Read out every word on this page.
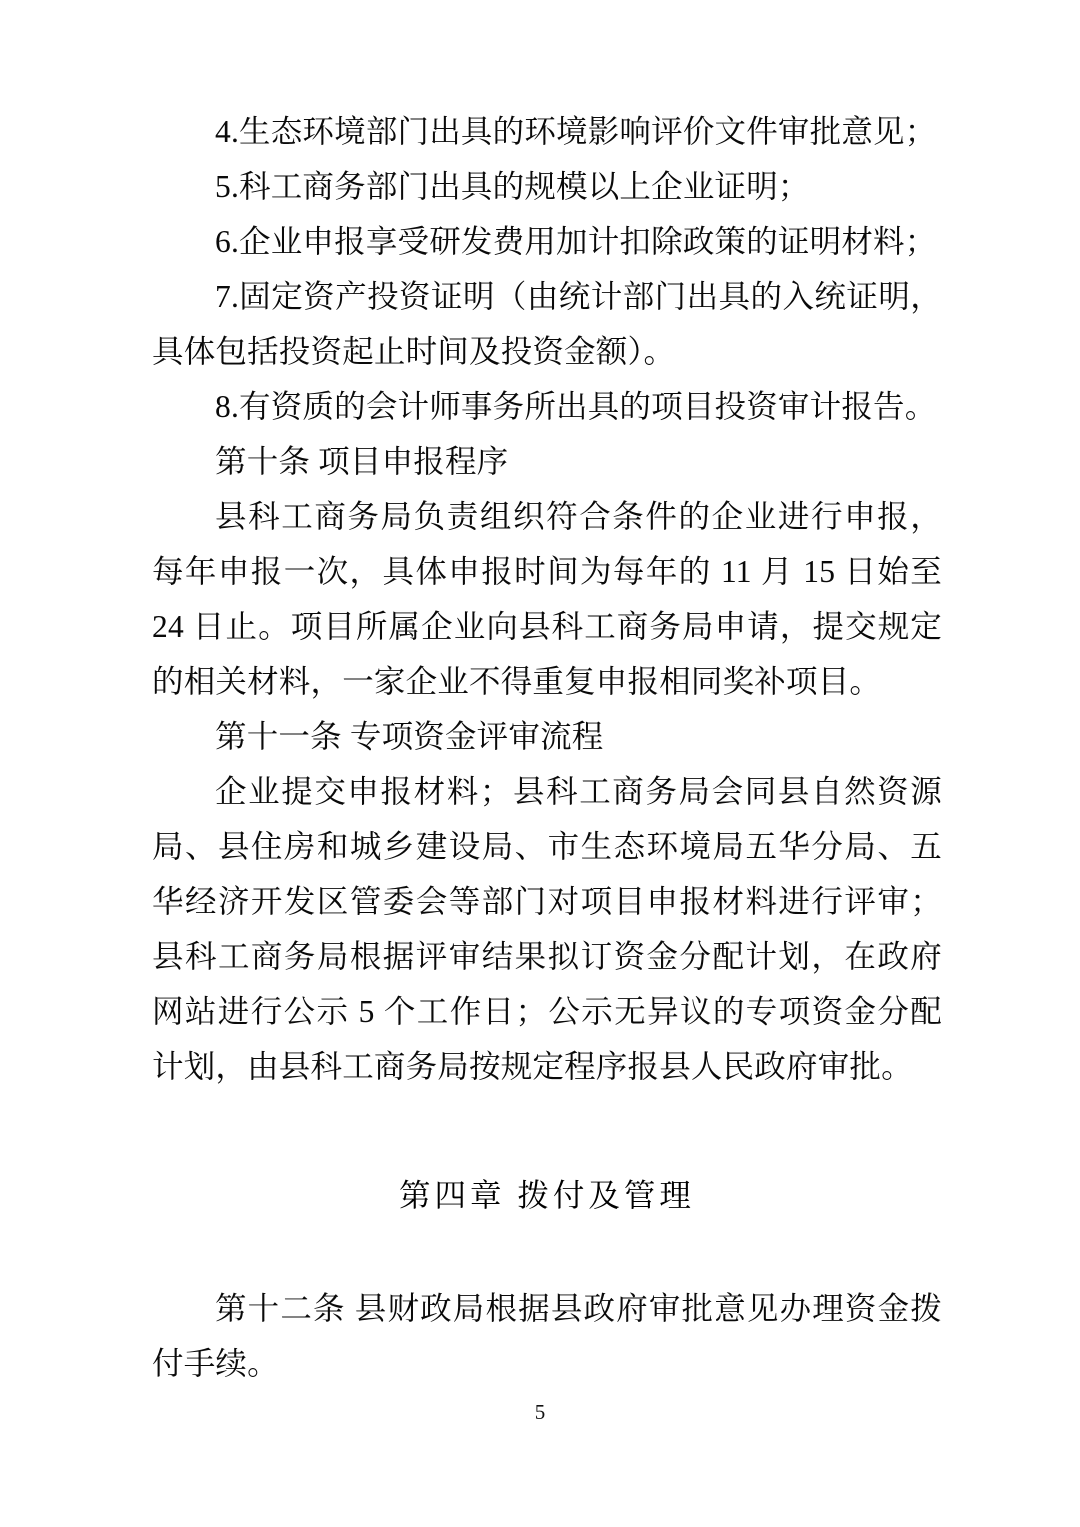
4.生态环境部门出具的环境影响评价文件审批意见；

5.科工商务部门出具的规模以上企业证明；

6.企业申报享受研发费用加计扣除政策的证明材料；

7.固定资产投资证明（由统计部门出具的入统证明，具体包括投资起止时间及投资金额）。

8.有资质的会计师事务所出具的项目投资审计报告。

第十条 项目申报程序

县科工商务局负责组织符合条件的企业进行申报，每年申报一次，具体申报时间为每年的 11 月 15 日始至 24 日止。项目所属企业向县科工商务局申请，提交规定的相关材料，一家企业不得重复申报相同奖补项目。

第十一条 专项资金评审流程

企业提交申报材料；县科工商务局会同县自然资源局、县住房和城乡建设局、市生态环境局五华分局、五华经济开发区管委会等部门对项目申报材料进行评审；县科工商务局根据评审结果拟订资金分配计划，在政府网站进行公示 5 个工作日；公示无异议的专项资金分配计划，由县科工商务局按规定程序报县人民政府审批。

第四章 拨付及管理

第十二条 县财政局根据县政府审批意见办理资金拨付手续。

5
